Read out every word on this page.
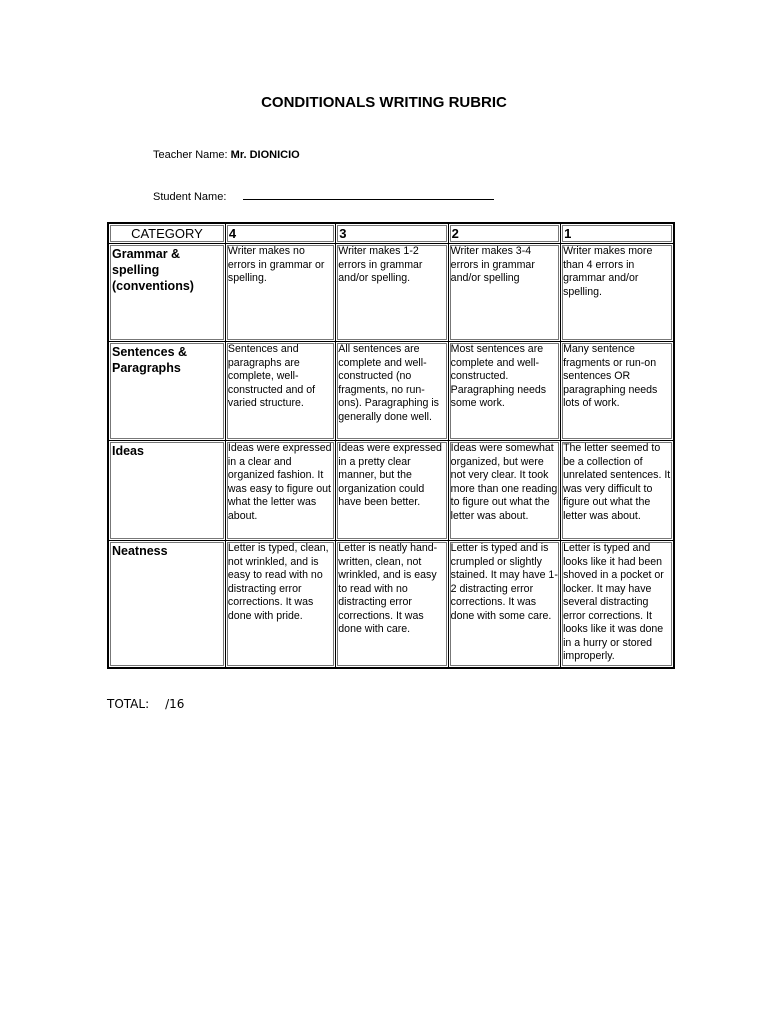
CONDITIONALS WRITING RUBRIC
Teacher Name: Mr. DIONICIO
Student Name:
CATEGORY	4	3	2	1
Grammar & spelling (conventions)	Writer makes no errors in grammar or spelling.	Writer makes 1-2 errors in grammar and/or spelling.	Writer makes 3-4 errors in grammar and/or spelling	Writer makes more than 4 errors in grammar and/or spelling.
Sentences & Paragraphs	Sentences and paragraphs are complete, well-constructed and of varied structure.	All sentences are complete and well-constructed (no fragments, no run-ons). Paragraphing is generally done well.	Most sentences are complete and well-constructed. Paragraphing needs some work.	Many sentence fragments or run-on sentences OR paragraphing needs lots of work.
Ideas	Ideas were expressed in a clear and organized fashion. It was easy to figure out what the letter was about.	Ideas were expressed in a pretty clear manner, but the organization could have been better.	Ideas were somewhat organized, but were not very clear. It took more than one reading to figure out what the letter was about.	The letter seemed to be a collection of unrelated sentences. It was very difficult to figure out what the letter was about.
Neatness	Letter is typed, clean, not wrinkled, and is easy to read with no distracting error corrections. It was done with pride.	Letter is neatly hand-written, clean, not wrinkled, and is easy to read with no distracting error corrections. It was done with care.	Letter is typed and is crumpled or slightly stained. It may have 1-2 distracting error corrections. It was done with some care.	Letter is typed and looks like it had been shoved in a pocket or locker. It may have several distracting error corrections. It looks like it was done in a hurry or stored improperly.
TOTAL: /16
